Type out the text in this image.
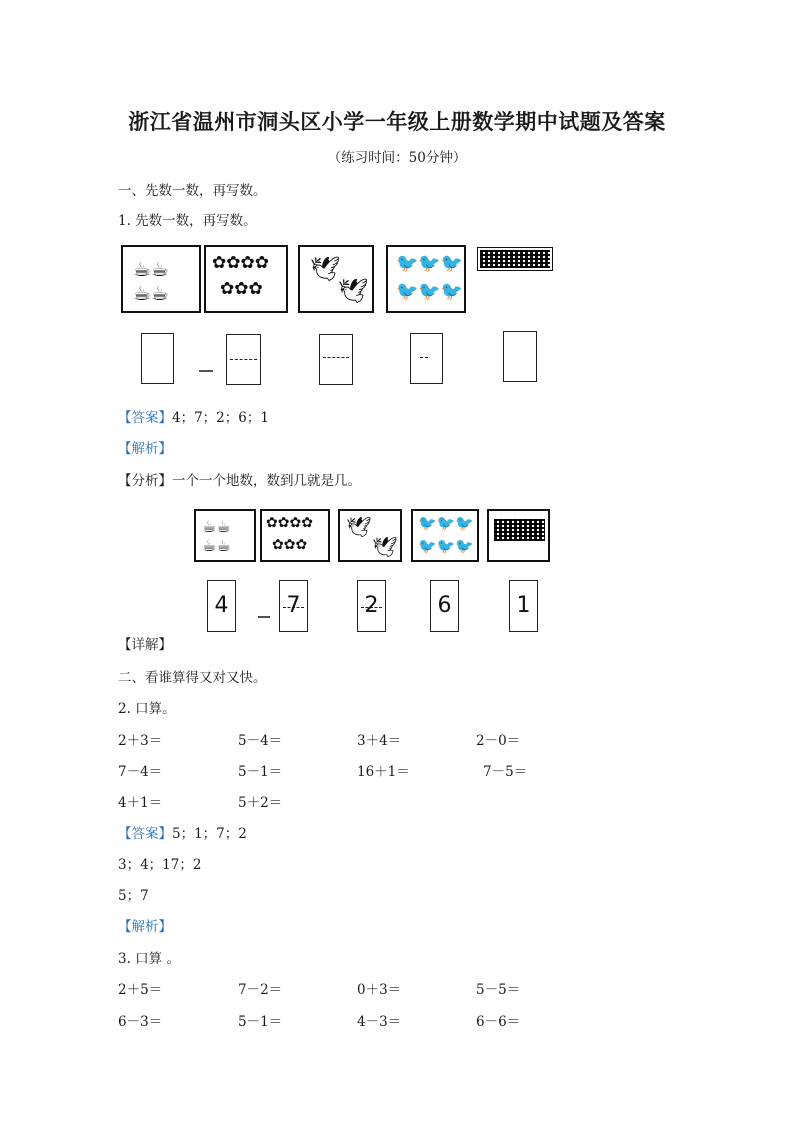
浙江省温州市洞头区小学一年级上册数学期中试题及答案
（练习时间：50分钟）
一、先数一数，再写数。
1. 先数一数，再写数。
☕☕
☕☕
✿✿✿✿
✿✿✿
🕊
🕊
🐦🐦🐦
🐦🐦🐦
【答案】4；7；2；6；1
【解析】
【分析】一个一个地数，数到几就是几。
☕☕
☕☕
✿✿✿✿
✿✿✿
🕊
🕊
🐦🐦🐦
🐦🐦🐦
4	7	2	6	1
【详解】
二、看谁算得又对又快。
2. 口算。
2＋3＝	5－4＝	3＋4＝	2－0＝
7－4＝	5－1＝	16＋1＝	7－5＝
4＋1＝	5＋2＝
【答案】5；1；7；2
3；4；17；2
5；7
【解析】
3. 口算 。
2＋5＝	7－2＝	0＋3＝	5－5＝
6－3＝	5－1＝	4－3＝	6－6＝
